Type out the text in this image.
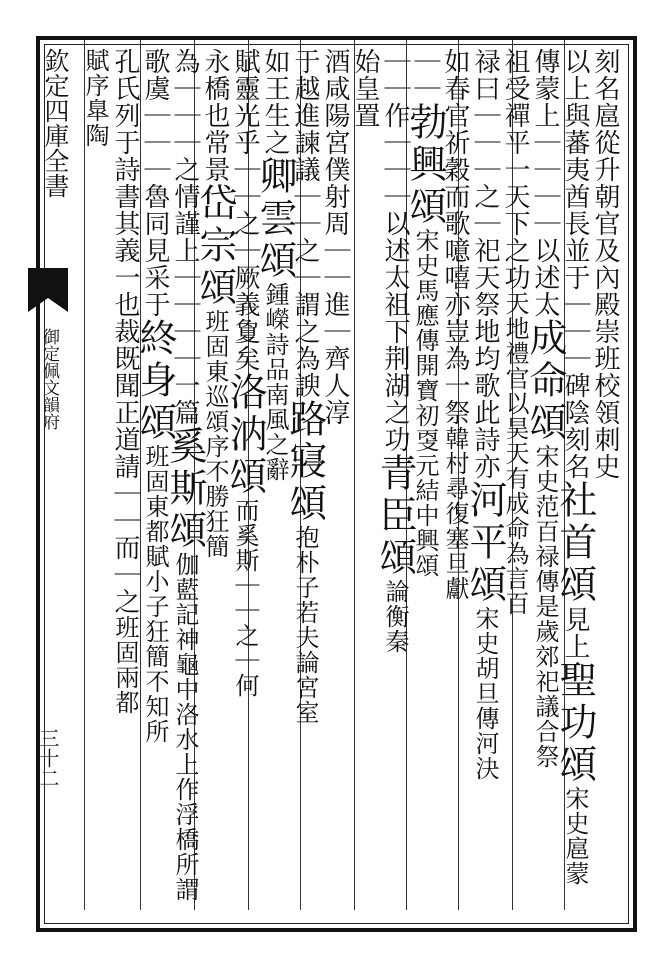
欽定四庫全書
御定佩文韻府
三十二
刻名扈從升朝官及內殿崇班校領刺史
以上與蕃夷酋長並于｜｜｜碑陰刻名社首頌見上聖功頌宋史扈蒙
傳蒙上｜｜｜｜以述太成命頌宋史范百禄傳是歲郊祀議合祭
祖受禪平一天下之功天地禮官以昊天有成命為言百
禄曰｜｜｜之｜祀天祭地均歌此詩亦河平頌宋史胡旦傳河決
如春官祈穀而歌噫嘻亦豈為一祭韓村尋復塞旦獻
｜｜勃興頌宋史馬應傳開寶初㪅元結中興頌
｜｜作｜｜｜以述太祖下荆湖之功青臣頌論衡秦
始皇置
酒咸陽宮僕射周｜｜進｜齊人淳
于越進諫議｜｜之｜謂之為諛路寢頌抱朴子若夫論宮室
如王生之卿雲頌鍾嶸詩品南風之辭
賦靈光乎｜｜之｜厥義夐矣洛汭頌而奚斯｜｜之｜何
永橋也常景岱宗頌班固東巡頌序不勝狂簡
為｜｜｜之情謹上｜｜｜｜一篇奚斯頌伽藍記神龜中洛水上作浮橋所謂
歌虞｜｜｜魯同見采于終身頌班固東都賦小子狂簡不知所
孔氏列于詩書其義一也裁既聞正道請｜｜而｜之班固兩都
賦序臯陶
